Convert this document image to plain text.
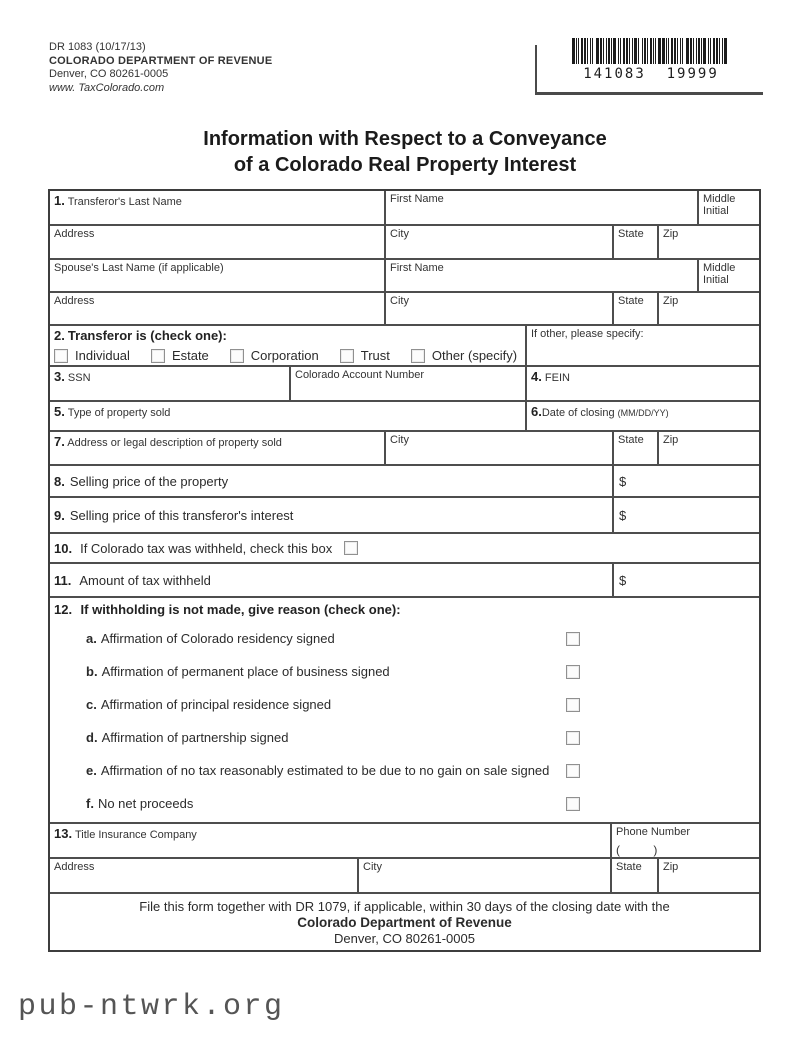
DR 1083 (10/17/13)
COLORADO DEPARTMENT OF REVENUE
Denver, CO 80261-0005
www. TaxColorado.com
141083  19999
Information with Respect to a Conveyance
of a Colorado Real Property Interest
1. Transferor's Last Name	First Name	Middle Initial
Address	City	State	Zip
Spouse's Last Name (if applicable)	First Name	Middle Initial
Address	City	State	Zip
2. Transferor is (check one):
Individual	Estate	Corporation	Trust	Other (specify)
If other, please specify:
3. SSN	Colorado Account Number	4. FEIN
5. Type of property sold	6.Date of closing (MM/DD/YY)
7. Address or legal description of property sold	City	State	Zip
8. Selling price of the property	$
9. Selling price of this transferor's interest	$
10. If Colorado tax was withheld, check this box
11. Amount of tax withheld	$
12. If withholding is not made, give reason (check one):
a. Affirmation of Colorado residency signed
b. Affirmation of permanent place of business signed
c. Affirmation of principal residence signed
d. Affirmation of partnership signed
e. Affirmation of no tax reasonably estimated to be due to no gain on sale signed
f. No net proceeds
13. Title Insurance Company	Phone Number
(          )
Address	City	State	Zip
File this form together with DR 1079, if applicable, within 30 days of the closing date with the
Colorado Department of Revenue
Denver, CO 80261-0005
pub-ntwrk.org
